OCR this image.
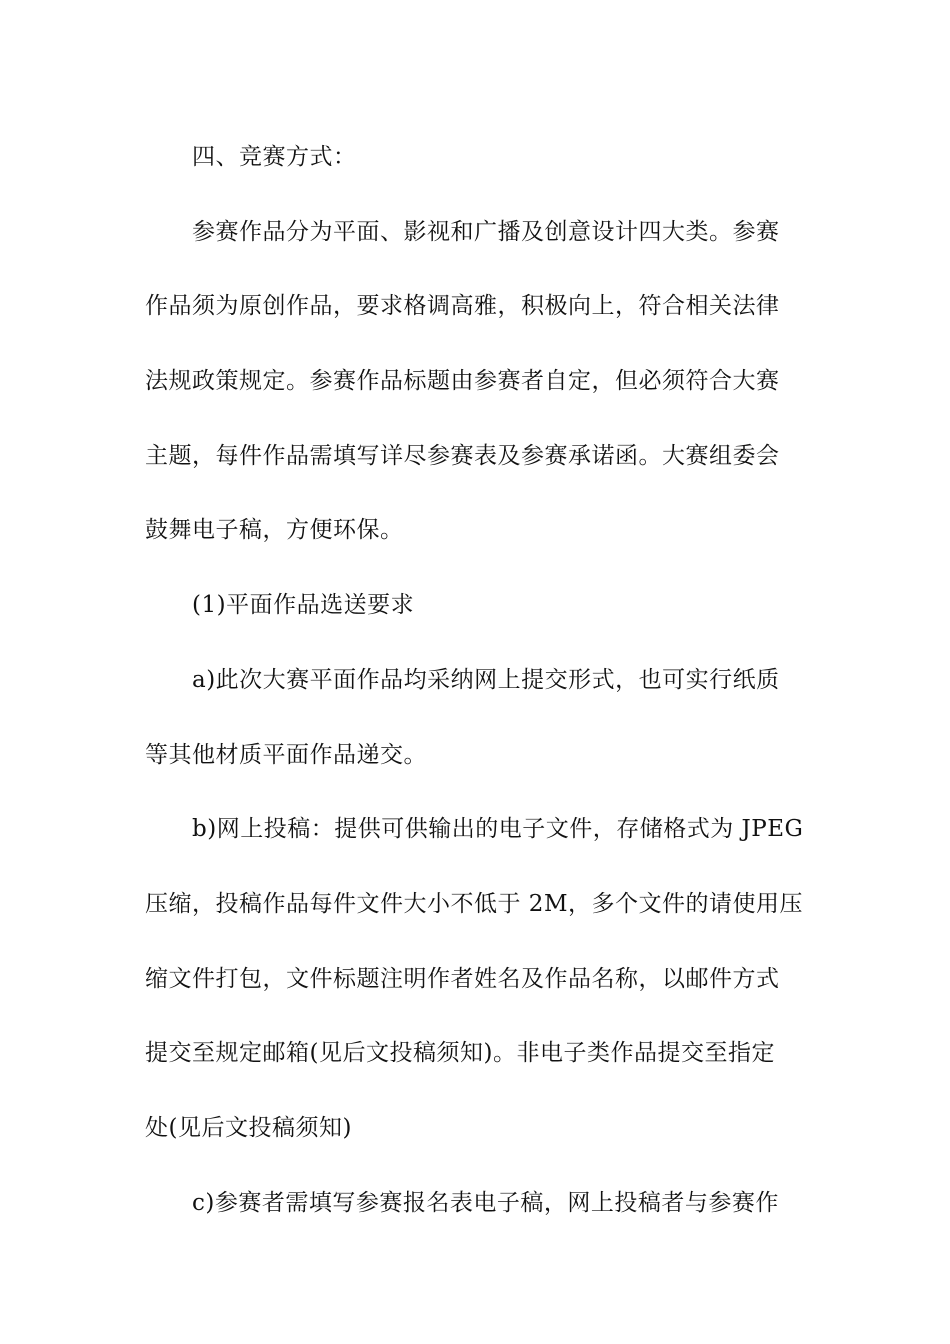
四、竞赛方式：
参赛作品分为平面、影视和广播及创意设计四大类。参赛
作品须为原创作品，要求格调高雅，积极向上，符合相关法律
法规政策规定。参赛作品标题由参赛者自定，但必须符合大赛
主题，每件作品需填写详尽参赛表及参赛承诺函。大赛组委会
鼓舞电子稿，方便环保。
(1)平面作品选送要求
a)此次大赛平面作品均采纳网上提交形式，也可实行纸质
等其他材质平面作品递交。
b)网上投稿：提供可供输出的电子文件，存储格式为 JPEG
压缩，投稿作品每件文件大小不低于 2M，多个文件的请使用压
缩文件打包，文件标题注明作者姓名及作品名称，以邮件方式
提交至规定邮箱(见后文投稿须知)。非电子类作品提交至指定
处(见后文投稿须知)
c)参赛者需填写参赛报名表电子稿，网上投稿者与参赛作
